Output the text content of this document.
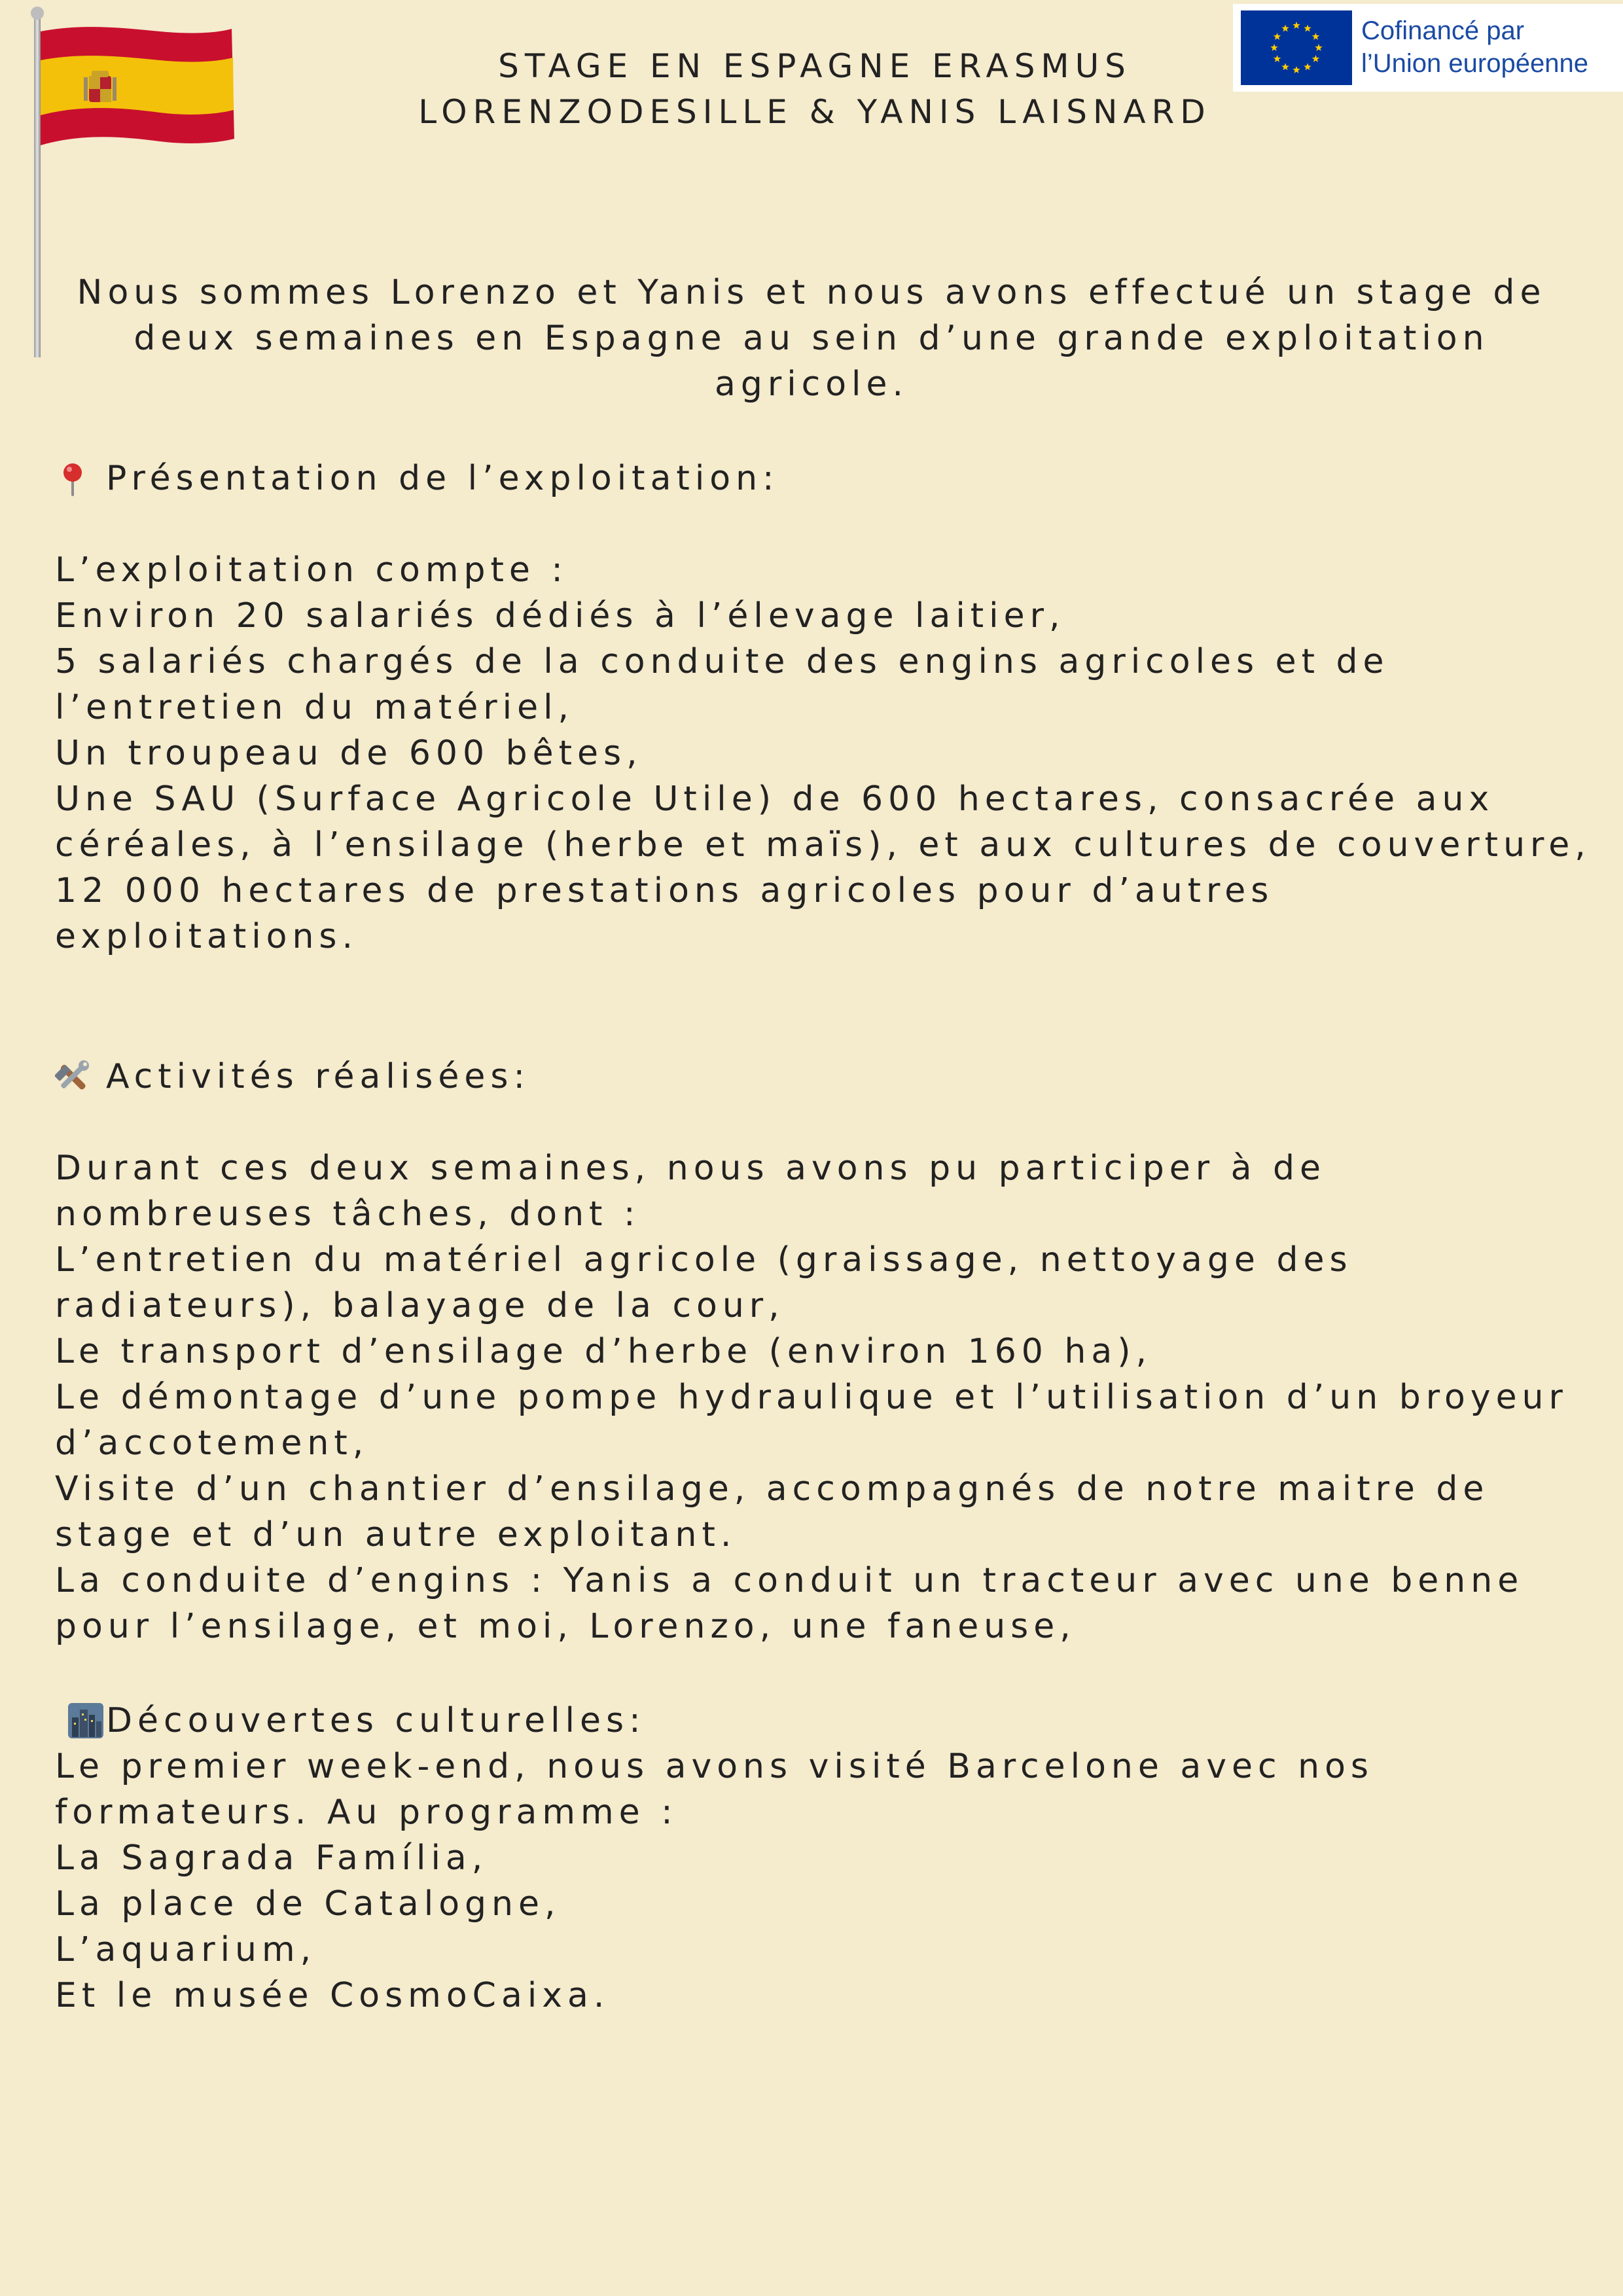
Cofinancé par
l’Union européenne
STAGE EN ESPAGNE ERASMUS
LORENZODESILLE & YANIS LAISNARD
Nous sommes Lorenzo et Yanis et nous avons effectué un stage de
deux semaines en Espagne au sein d’une grande exploitation
agricole.
Présentation de l’exploitation:
L’exploitation compte :
Environ 20 salariés dédiés à l’élevage laitier,
5 salariés chargés de la conduite des engins agricoles et de
l’entretien du matériel,
Un troupeau de 600 bêtes,
Une SAU (Surface Agricole Utile) de 600 hectares, consacrée aux
céréales, à l’ensilage (herbe et maïs), et aux cultures de couverture,
12 000 hectares de prestations agricoles pour d’autres
exploitations.
Activités réalisées:
Durant ces deux semaines, nous avons pu participer à de
nombreuses tâches, dont :
L’entretien du matériel agricole (graissage, nettoyage des
radiateurs), balayage de la cour,
Le transport d’ensilage d’herbe (environ 160 ha),
Le démontage d’une pompe hydraulique et l’utilisation d’un broyeur
d’accotement,
Visite d’un chantier d’ensilage, accompagnés de notre maitre de
stage et d’un autre exploitant.
La conduite d’engins : Yanis a conduit un tracteur avec une benne
pour l’ensilage, et moi, Lorenzo, une faneuse,
Découvertes culturelles:
Le premier week-end, nous avons visité Barcelone avec nos
formateurs. Au programme :
La Sagrada Família,
La place de Catalogne,
L’aquarium,
Et le musée CosmoCaixa.
